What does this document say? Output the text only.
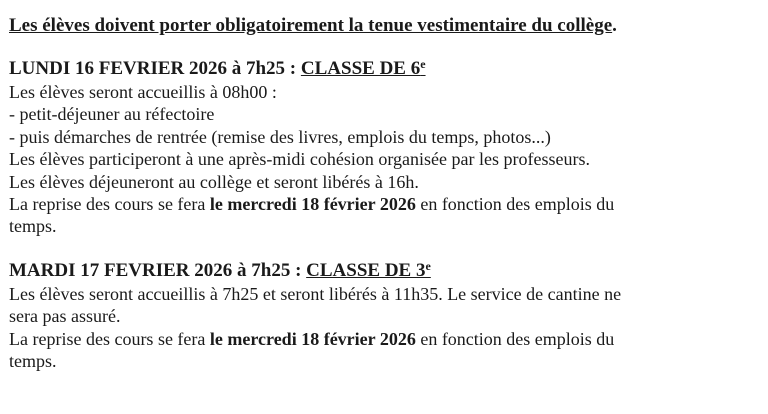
Les élèves doivent porter obligatoirement la tenue vestimentaire du collège.

LUNDI 16 FEVRIER 2026 à 7h25 : CLASSE DE 6e

Les élèves seront accueillis à 08h00 :
- petit-déjeuner au réfectoire
- puis démarches de rentrée (remise des livres, emplois du temps, photos...)
Les élèves participeront à une après-midi cohésion organisée par les professeurs.
Les élèves déjeuneront au collège et seront libérés à 16h.
La reprise des cours se fera le mercredi 18 février 2026 en fonction des emplois du
temps.

MARDI 17 FEVRIER 2026 à 7h25 : CLASSE DE 3e

Les élèves seront accueillis à 7h25 et seront libérés à 11h35. Le service de cantine ne
sera pas assuré.
La reprise des cours se fera le mercredi 18 février 2026 en fonction des emplois du
temps.
